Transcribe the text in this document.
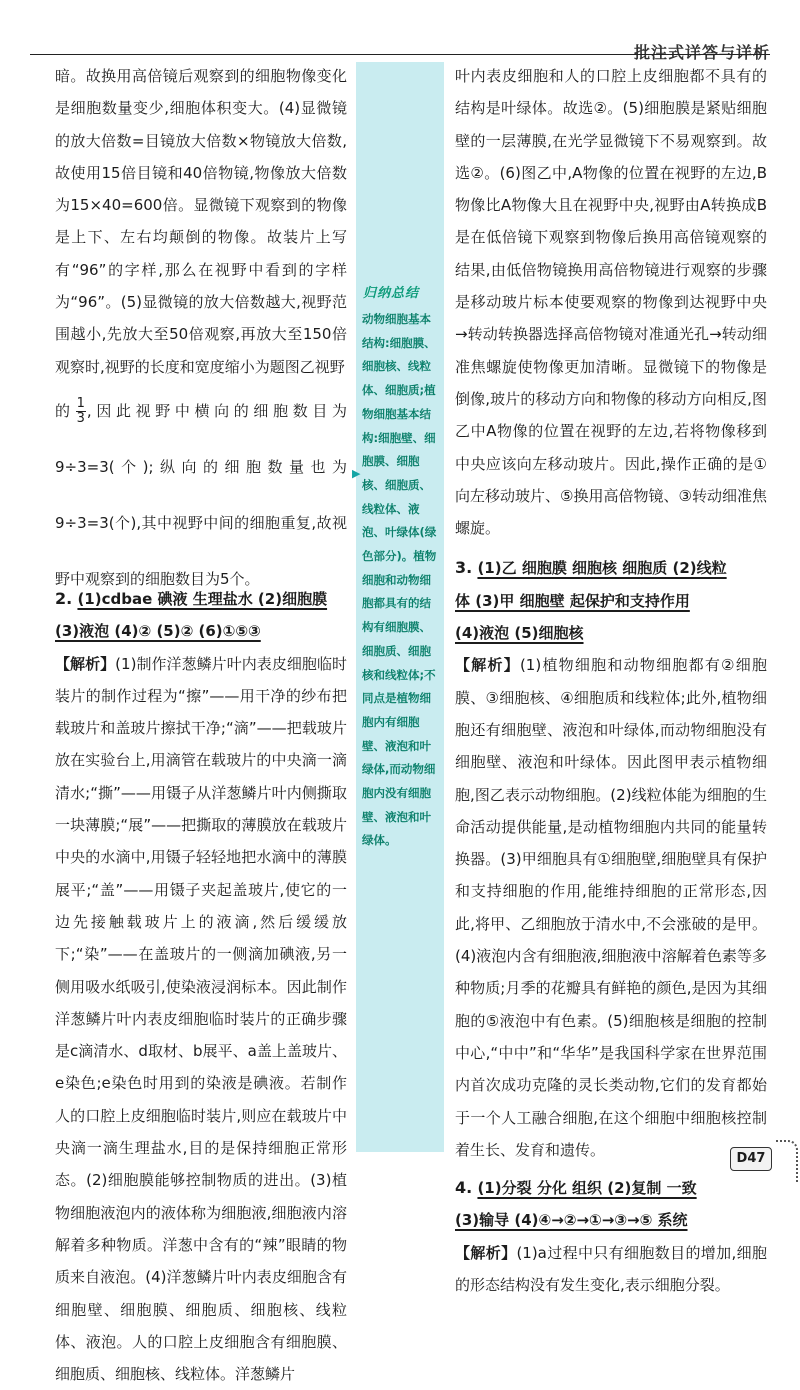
批注式详答与详析

暗。故换用高倍镜后观察到的细胞物像变化是细胞数量变少,细胞体积变大。(4)显微镜的放大倍数=目镜放大倍数×物镜放大倍数,故使用15倍目镜和40倍物镜,物像放大倍数为15×40=600倍。显微镜下观察到的物像是上下、左右均颠倒的物像。故装片上写有“96”的字样,那么在视野中看到的字样为“96”。(5)显微镜的放大倍数越大,视野范围越小,先放大至50倍观察,再放大至150倍观察时,视野的长度和宽度缩小为题图乙视野

的 $\frac{1}{3}$ ,因此视野中横向的细胞数目为9÷3=3(个);纵向的细胞数量也为9÷3=3(个),其中视野中间的细胞重复,故视野中观察到的细胞数目为5个。

2. (1)cdbae 碘液 生理盐水 (2)细胞膜
(3)液泡 (4)② (5)② (6)①⑤③

【解析】(1)制作洋葱鳞片叶内表皮细胞临时装片的制作过程为“擦”——用干净的纱布把载玻片和盖玻片擦拭干净;“滴”——把载玻片放在实验台上,用滴管在载玻片的中央滴一滴清水;“撕”——用镊子从洋葱鳞片叶内侧撕取一块薄膜;“展”——把撕取的薄膜放在载玻片中央的水滴中,用镊子轻轻地把水滴中的薄膜展平;“盖”——用镊子夹起盖玻片,使它的一边先接触载玻片上的液滴,然后缓缓放下;“染”——在盖玻片的一侧滴加碘液,另一侧用吸水纸吸引,使染液浸润标本。因此制作洋葱鳞片叶内表皮细胞临时装片的正确步骤是c滴清水、d取材、b展平、a盖上盖玻片、e染色;e染色时用到的染液是碘液。若制作人的口腔上皮细胞临时装片,则应在载玻片中央滴一滴生理盐水,目的是保持细胞正常形态。(2)细胞膜能够控制物质的进出。(3)植物细胞液泡内的液体称为细胞液,细胞液内溶解着多种物质。洋葱中含有的“辣”眼睛的物质来自液泡。(4)洋葱鳞片叶内表皮细胞含有细胞壁、细胞膜、细胞质、细胞核、线粒体、液泡。人的口腔上皮细胞含有细胞膜、细胞质、细胞核、线粒体。洋葱鳞片

归纳总结
动物细胞基本结构:细胞膜、细胞核、线粒体、细胞质;植物细胞基本结构:细胞壁、细胞膜、细胞核、细胞质、线粒体、液泡、叶绿体(绿色部分)。植物细胞和动物细胞都具有的结构有细胞膜、细胞质、细胞核和线粒体;不同点是植物细胞内有细胞壁、液泡和叶绿体,而动物细胞内没有细胞壁、液泡和叶绿体。
▶

叶内表皮细胞和人的口腔上皮细胞都不具有的结构是叶绿体。故选②。(5)细胞膜是紧贴细胞壁的一层薄膜,在光学显微镜下不易观察到。故选②。(6)图乙中,A物像的位置在视野的左边,B物像比A物像大且在视野中央,视野由A转换成B是在低倍镜下观察到物像后换用高倍镜观察的结果,由低倍物镜换用高倍物镜进行观察的步骤是移动玻片标本使要观察的物像到达视野中央→转动转换器选择高倍物镜对准通光孔→转动细准焦螺旋使物像更加清晰。显微镜下的物像是倒像,玻片的移动方向和物像的移动方向相反,图乙中A物像的位置在视野的左边,若将物像移到中央应该向左移动玻片。因此,操作正确的是①向左移动玻片、⑤换用高倍物镜、③转动细准焦螺旋。

3. (1)乙 细胞膜 细胞核 细胞质 (2)线粒
体 (3)甲 细胞壁 起保护和支持作用
(4)液泡 (5)细胞核

【解析】(1)植物细胞和动物细胞都有②细胞膜、③细胞核、④细胞质和线粒体;此外,植物细胞还有细胞壁、液泡和叶绿体,而动物细胞没有细胞壁、液泡和叶绿体。因此图甲表示植物细胞,图乙表示动物细胞。(2)线粒体能为细胞的生命活动提供能量,是动植物细胞内共同的能量转换器。(3)甲细胞具有①细胞壁,细胞壁具有保护和支持细胞的作用,能维持细胞的正常形态,因此,将甲、乙细胞放于清水中,不会涨破的是甲。(4)液泡内含有细胞液,细胞液中溶解着色素等多种物质;月季的花瓣具有鲜艳的颜色,是因为其细胞的⑤液泡中有色素。(5)细胞核是细胞的控制中心,“中中”和“华华”是我国科学家在世界范围内首次成功克隆的灵长类动物,它们的发育都始于一个人工融合细胞,在这个细胞中细胞核控制着生长、发育和遗传。

4. (1)分裂 分化 组织 (2)复制 一致
(3)输导 (4)④→②→①→③→⑤ 系统

【解析】(1)a过程中只有细胞数目的增加,细胞的形态结构没有发生变化,表示细胞分裂。

D47
